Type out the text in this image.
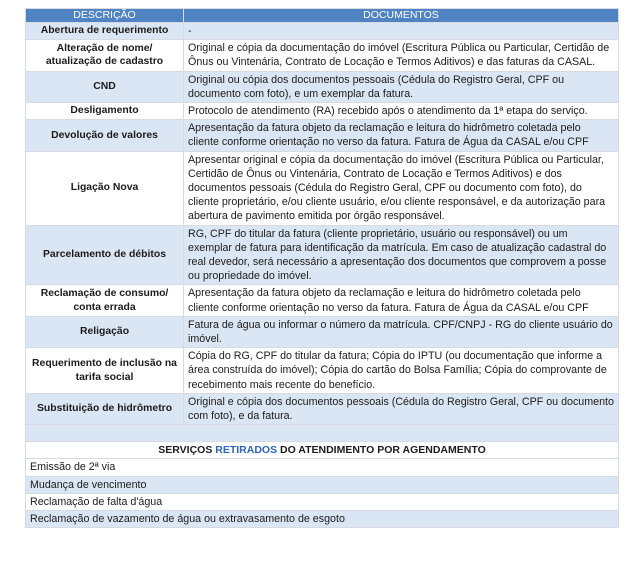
DESCRIÇÃO	DOCUMENTOS
Abertura de requerimento	-
Alteração de nome/ atualização de cadastro	Original e cópia da documentação do imóvel (Escritura Pública ou Particular, Certidão de Ônus ou Vintenária, Contrato de Locação e Termos Aditivos) e das faturas da CASAL.
CND	Original ou cópia dos documentos pessoais (Cédula do Registro Geral, CPF ou documento com foto), e um exemplar da fatura.
Desligamento	Protocolo de atendimento (RA) recebido após o atendimento da 1ª etapa do serviço.
Devolução de valores	Apresentação da fatura objeto da reclamação e leitura do hidrômetro coletada pelo cliente conforme orientação no verso da fatura. Fatura de Água da CASAL e/ou CPF
Ligação Nova	Apresentar original e cópia da documentação do imóvel (Escritura Pública ou Particular, Certidão de Ônus ou Vintenária, Contrato de Locação e Termos Aditivos) e dos documentos pessoais (Cédula do Registro Geral, CPF ou documento com foto), do cliente proprietário, e/ou cliente usuário, e/ou cliente responsável, e da autorização para abertura de pavimento emitida por órgão responsável.
Parcelamento de débitos	RG, CPF do titular da fatura (cliente proprietário, usuário ou responsável) ou um exemplar de fatura para identificação da matrícula. Em caso de atualização cadastral do real devedor, será necessário a apresentação dos documentos que comprovem a posse ou propriedade do imóvel.
Reclamação de consumo/ conta errada	Apresentação da fatura objeto da reclamação e leitura do hidrômetro coletada pelo cliente conforme orientação no verso da fatura. Fatura de Água da CASAL e/ou CPF
Religação	Fatura de água ou informar o número da matrícula. CPF/CNPJ - RG do cliente usuário do imóvel.
Requerimento de inclusão na tarifa social	Cópia do RG, CPF do titular da fatura; Cópia do IPTU (ou documentação que informe a área construída do imóvel); Cópia do cartão do Bolsa Família; Cópia do comprovante de recebimento mais recente do benefício.
Substituição de hidrômetro	Original e cópia dos documentos pessoais (Cédula do Registro Geral, CPF ou documento com foto), e da fatura.

SERVIÇOS RETIRADOS DO ATENDIMENTO POR AGENDAMENTO	
Emissão de 2ª via	
Mudança de vencimento	
Reclamação de falta d'água	
Reclamação de vazamento de água ou extravasamento de esgoto	
